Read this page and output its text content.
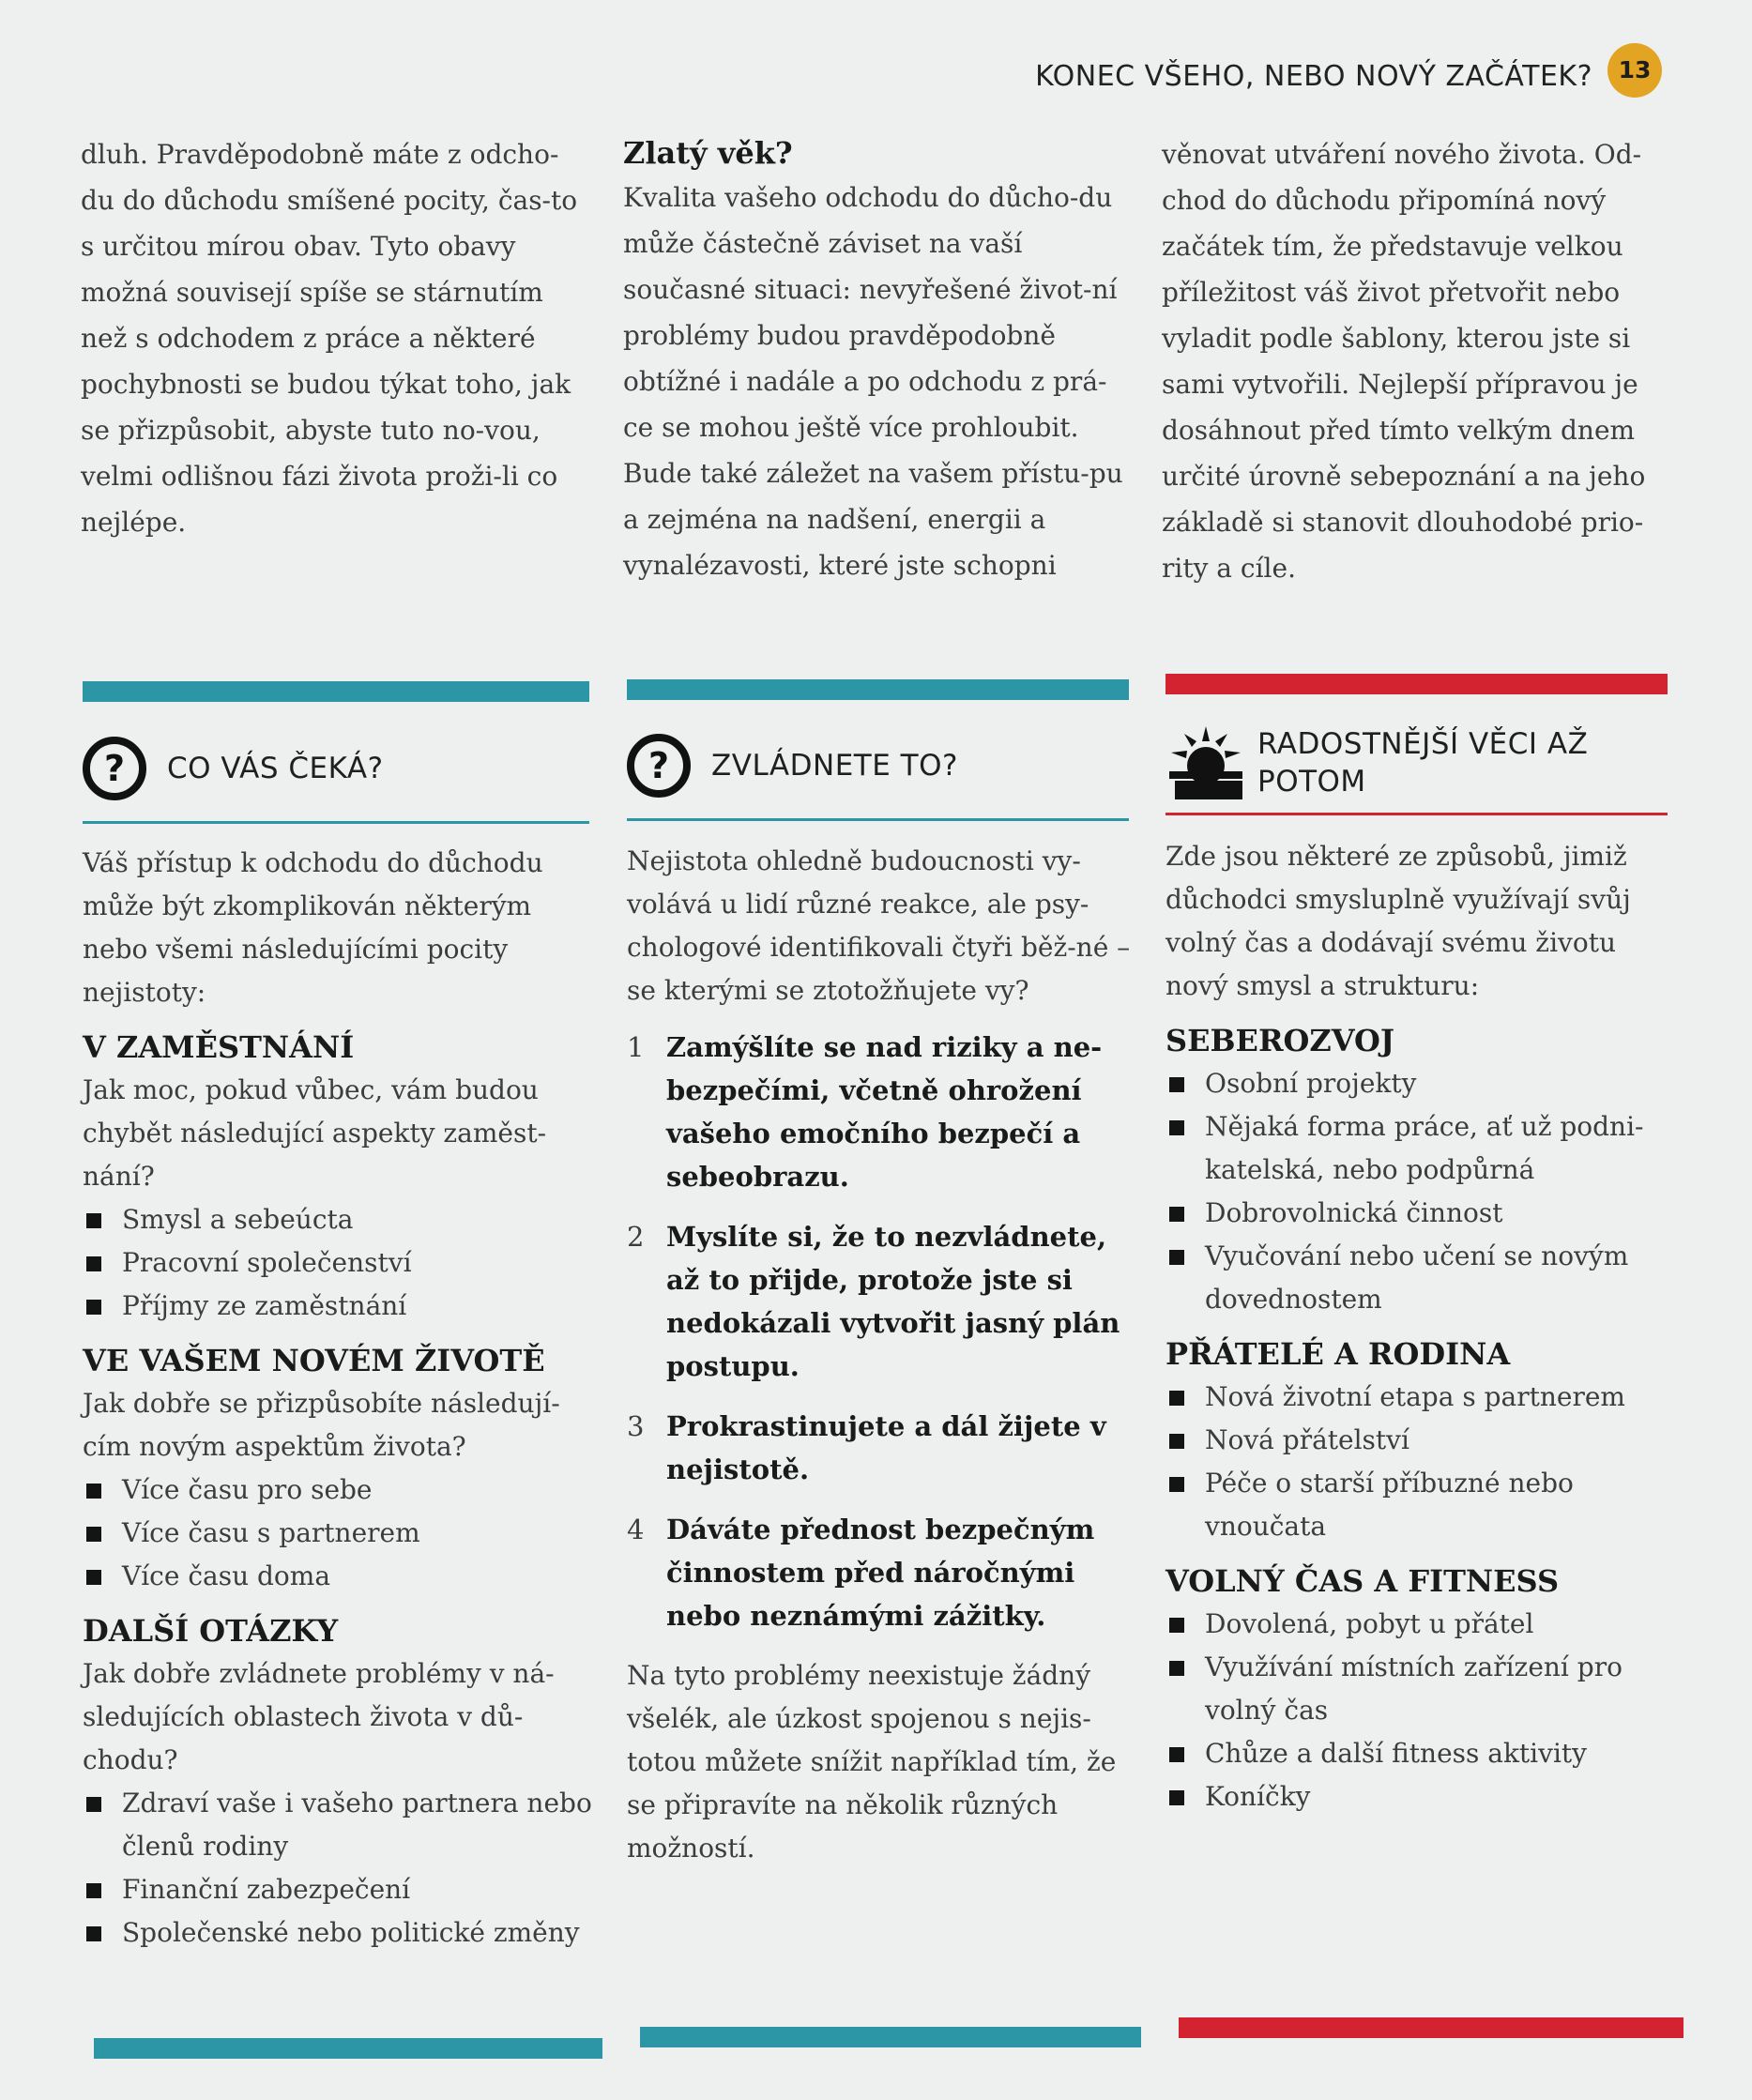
KONEC VŠEHO, NEBO NOVÝ ZAČÁTEK?	13

dluh. Pravděpodobně máte z odcho-du do důchodu smíšené pocity, čas-to s určitou mírou obav. Tyto obavy možná souvisejí spíše se stárnutím než s odchodem z práce a některé pochybnosti se budou týkat toho, jak se přizpůsobit, abyste tuto no-vou, velmi odlišnou fázi života proži-li co nejlépe.

Zlatý věk?

Kvalita vašeho odchodu do důcho-du může částečně záviset na vaší současné situaci: nevyřešené život-ní problémy budou pravděpodobně obtížné i nadále a po odchodu z prá-ce se mohou ještě více prohloubit. Bude také záležet na vašem přístu-pu a zejména na nadšení, energii a vynalézavosti, které jste schopni

věnovat utváření nového života. Od-chod do důchodu připomíná nový začátek tím, že představuje velkou příležitost váš život přetvořit nebo vyladit podle šablony, kterou jste si sami vytvořili. Nejlepší přípravou je dosáhnout před tímto velkým dnem určité úrovně sebepoznání a na jeho základě si stanovit dlouhodobé prio-rity a cíle.

?	CO VÁS ČEKÁ?	?	ZVLÁDNETE TO?
RADOSTNĚJŠÍ VĚCI AŽ
POTOM

Váš přístup k odchodu do důchodu může být zkomplikován některým nebo všemi následujícími pocity nejistoty:

V ZAMĚSTNÁNÍ

Jak moc, pokud vůbec, vám budou chybět následující aspekty zaměst-nání?

Smysl a sebeúcta
Pracovní společenství
Příjmy ze zaměstnání
VE VAŠEM NOVÉM ŽIVOTĚ

Jak dobře se přizpůsobíte následují-cím novým aspektům života?

Více času pro sebe
Více času s partnerem
Více času doma
DALŠÍ OTÁZKY

Jak dobře zvládnete problémy v ná-sledujících oblastech života v dů-chodu?

Zdraví vaše i vašeho partnera nebo členů rodiny
Finanční zabezpečení
Společenské nebo politické změny

Nejistota ohledně budoucnosti vy-volává u lidí různé reakce, ale psy-chologové identifikovali čtyři běž-né – se kterými se ztotožňujete vy?

1 Zamýšlíte se nad riziky a ne-bezpečími, včetně ohrožení vašeho emočního bezpečí a sebeobrazu.
2 Myslíte si, že to nezvládnete, až to přijde, protože jste si nedokázali vytvořit jasný plán postupu.
3 Prokrastinujete a dál žijete v nejistotě.
4 Dáváte přednost bezpečným činnostem před náročnými nebo neznámými zážitky.

Na tyto problémy neexistuje žádný všelék, ale úzkost spojenou s nejis-totou můžete snížit například tím, že se připravíte na několik různých možností.

Zde jsou některé ze způsobů, jimiž důchodci smysluplně využívají svůj volný čas a dodávají svému životu nový smysl a strukturu:

SEBEROZVOJ
Osobní projekty
Nějaká forma práce, ať už podni-katelská, nebo podpůrná
Dobrovolnická činnost
Vyučování nebo učení se novým dovednostem
PŘÁTELÉ A RODINA
Nová životní etapa s partnerem
Nová přátelství
Péče o starší příbuzné nebo vnoučata
VOLNÝ ČAS A FITNESS
Dovolená, pobyt u přátel
Využívání místních zařízení pro volný čas
Chůze a další fitness aktivity
Koníčky
